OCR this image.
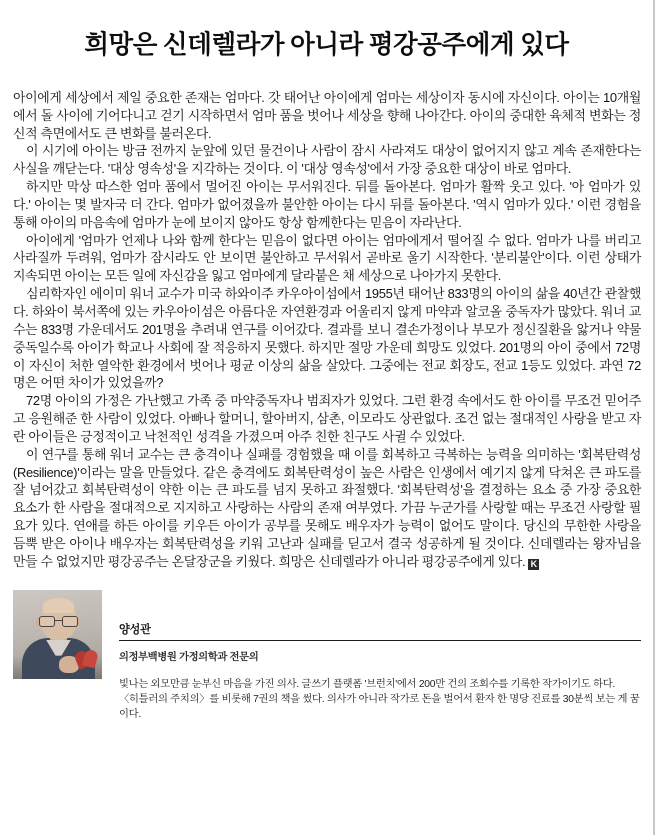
희망은 신데렐라가 아니라 평강공주에게 있다

아이에게 세상에서 제일 중요한 존재는 엄마다. 갓 태어난 아이에게 엄마는 세상이자 동시에 자신이다. 아이는 10개월에서 돌 사이에 기어다니고 걷기 시작하면서 엄마 품을 벗어나 세상을 향해 나아간다. 아이의 중대한 육체적 변화는 정신적 측면에서도 큰 변화를 불러온다.

이 시기에 아이는 방금 전까지 눈앞에 있던 물건이나 사람이 잠시 사라져도 대상이 없어지지 않고 계속 존재한다는 사실을 깨닫는다. '대상 영속성'을 지각하는 것이다. 이 '대상 영속성'에서 가장 중요한 대상이 바로 엄마다.

하지만 막상 따스한 엄마 품에서 멀어진 아이는 무서워진다. 뒤를 돌아본다. 엄마가 활짝 웃고 있다. '아 엄마가 있다.' 아이는 몇 발자국 더 간다. 엄마가 없어졌을까 불안한 아이는 다시 뒤를 돌아본다. '역시 엄마가 있다.' 이런 경험을 통해 아이의 마음속에 엄마가 눈에 보이지 않아도 항상 함께한다는 믿음이 자라난다.

아이에게 '엄마가 언제나 나와 함께 한다'는 믿음이 없다면 아이는 엄마에게서 떨어질 수 없다. 엄마가 나를 버리고 사라질까 두려워, 엄마가 잠시라도 안 보이면 불안하고 무서워서 곧바로 울기 시작한다. '분리불안'이다. 이런 상태가 지속되면 아이는 모든 일에 자신감을 잃고 엄마에게 달라붙은 채 세상으로 나아가지 못한다.

심리학자인 에이미 워너 교수가 미국 하와이주 카우아이섬에서 1955년 태어난 833명의 아이의 삶을 40년간 관찰했다. 하와이 북서쪽에 있는 카우아이섬은 아름다운 자연환경과 어울리지 않게 마약과 알코올 중독자가 많았다. 워너 교수는 833명 가운데서도 201명을 추려내 연구를 이어갔다. 결과를 보니 결손가정이나 부모가 정신질환을 앓거나 약물중독일수록 아이가 학교나 사회에 잘 적응하지 못했다. 하지만 절망 가운데 희망도 있었다. 201명의 아이 중에서 72명이 자신이 처한 열악한 환경에서 벗어나 평균 이상의 삶을 살았다. 그중에는 전교 회장도, 전교 1등도 있었다. 과연 72명은 어떤 차이가 있었을까?

72명 아이의 가정은 가난했고 가족 중 마약중독자나 범죄자가 있었다. 그런 환경 속에서도 한 아이를 무조건 믿어주고 응원해준 한 사람이 있었다. 아빠나 할머니, 할아버지, 삼촌, 이모라도 상관없다. 조건 없는 절대적인 사랑을 받고 자란 아이들은 긍정적이고 낙천적인 성격을 가졌으며 아주 친한 친구도 사귈 수 있었다.

이 연구를 통해 워너 교수는 큰 충격이나 실패를 경험했을 때 이를 회복하고 극복하는 능력을 의미하는 '회복탄력성(Resilience)'이라는 말을 만들었다. 같은 충격에도 회복탄력성이 높은 사람은 인생에서 예기지 않게 닥쳐온 큰 파도를 잘 넘어갔고 회복탄력성이 약한 이는 큰 파도를 넘지 못하고 좌절했다. '회복탄력성'을 결정하는 요소 중 가장 중요한 요소가 한 사람을 절대적으로 지지하고 사랑하는 사람의 존재 여부였다. 가끔 누군가를 사랑할 때는 무조건 사랑할 필요가 있다. 연애를 하든 아이를 키우든 아이가 공부를 못해도 배우자가 능력이 없어도 말이다. 당신의 무한한 사랑을 듬뿍 받은 아이나 배우자는 회복탄력성을 키워 고난과 실패를 딛고서 결국 성공하게 될 것이다. 신데렐라는 왕자님을 만들 수 없었지만 평강공주는 온달장군을 키웠다. 희망은 신데렐라가 아니라 평강공주에게 있다. K

양성관
의정부백병원 가정의학과 전문의
빛나는 외모만큼 눈부신 마음을 가진 의사. 글쓰기 플랫폼 '브런치'에서 200만 건의 조회수를 기록한 작가이기도 하다.
〈히틀러의 주치의〉를 비롯해 7권의 책을 썼다. 의사가 아니라 작가로 돈을 벌어서 환자 한 명당 진료를 30분씩 보는 게 꿈이다.
